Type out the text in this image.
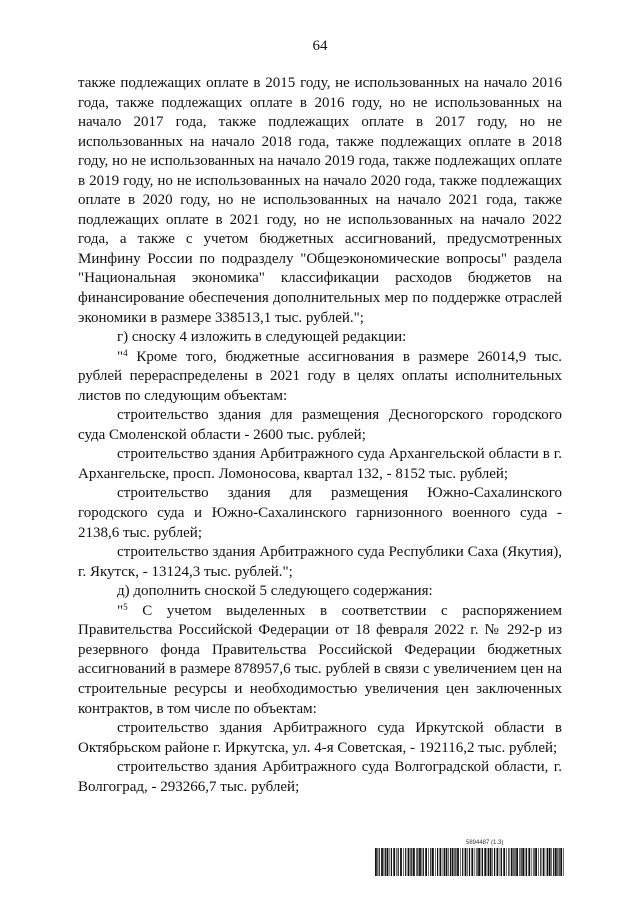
64

также подлежащих оплате в 2015 году, не использованных на начало 2016 года, также подлежащих оплате в 2016 году, но не использованных на начало 2017 года, также подлежащих оплате в 2017 году, но не использованных на начало 2018 года, также подлежащих оплате в 2018 году, но не использованных на начало 2019 года, также подлежащих оплате в 2019 году, но не использованных на начало 2020 года, также подлежащих оплате в 2020 году, но не использованных на начало 2021 года, также подлежащих оплате в 2021 году, но не использованных на начало 2022 года, а также с учетом бюджетных ассигнований, предусмотренных Минфину России по подразделу "Общеэкономические вопросы" раздела "Национальная экономика" классификации расходов бюджетов на финансирование обеспечения дополнительных мер по поддержке отраслей экономики в размере 338513,1 тыс. рублей.";

г) сноску 4 изложить в следующей редакции:

"$^4$ Кроме того, бюджетные ассигнования в размере 26014,9 тыс. рублей перераспределены в 2021 году в целях оплаты исполнительных листов по следующим объектам:

строительство здания для размещения Десногорского городского суда Смоленской области - 2600 тыс. рублей;

строительство здания Арбитражного суда Архангельской области в г. Архангельске, просп. Ломоносова, квартал 132, - 8152 тыс. рублей;

строительство здания для размещения Южно-Сахалинского городского суда и Южно-Сахалинского гарнизонного военного суда - 2138,6 тыс. рублей;

строительство здания Арбитражного суда Республики Саха (Якутия), г. Якутск, - 13124,3 тыс. рублей.";

д) дополнить сноской 5 следующего содержания:

"$^5$ С учетом выделенных в соответствии с распоряжением Правительства Российской Федерации от 18 февраля 2022 г. № 292-р из резервного фонда Правительства Российской Федерации бюджетных ассигнований в размере 878957,6 тыс. рублей в связи с увеличением цен на строительные ресурсы и необходимостью увеличения цен заключенных контрактов, в том числе по объектам:

строительство здания Арбитражного суда Иркутской области в Октябрьском районе г. Иркутска, ул. 4-я Советская, - 192116,2 тыс. рублей;

строительство здания Арбитражного суда Волгоградской области, г. Волгоград, - 293266,7 тыс. рублей;

5894487 (1.3)
